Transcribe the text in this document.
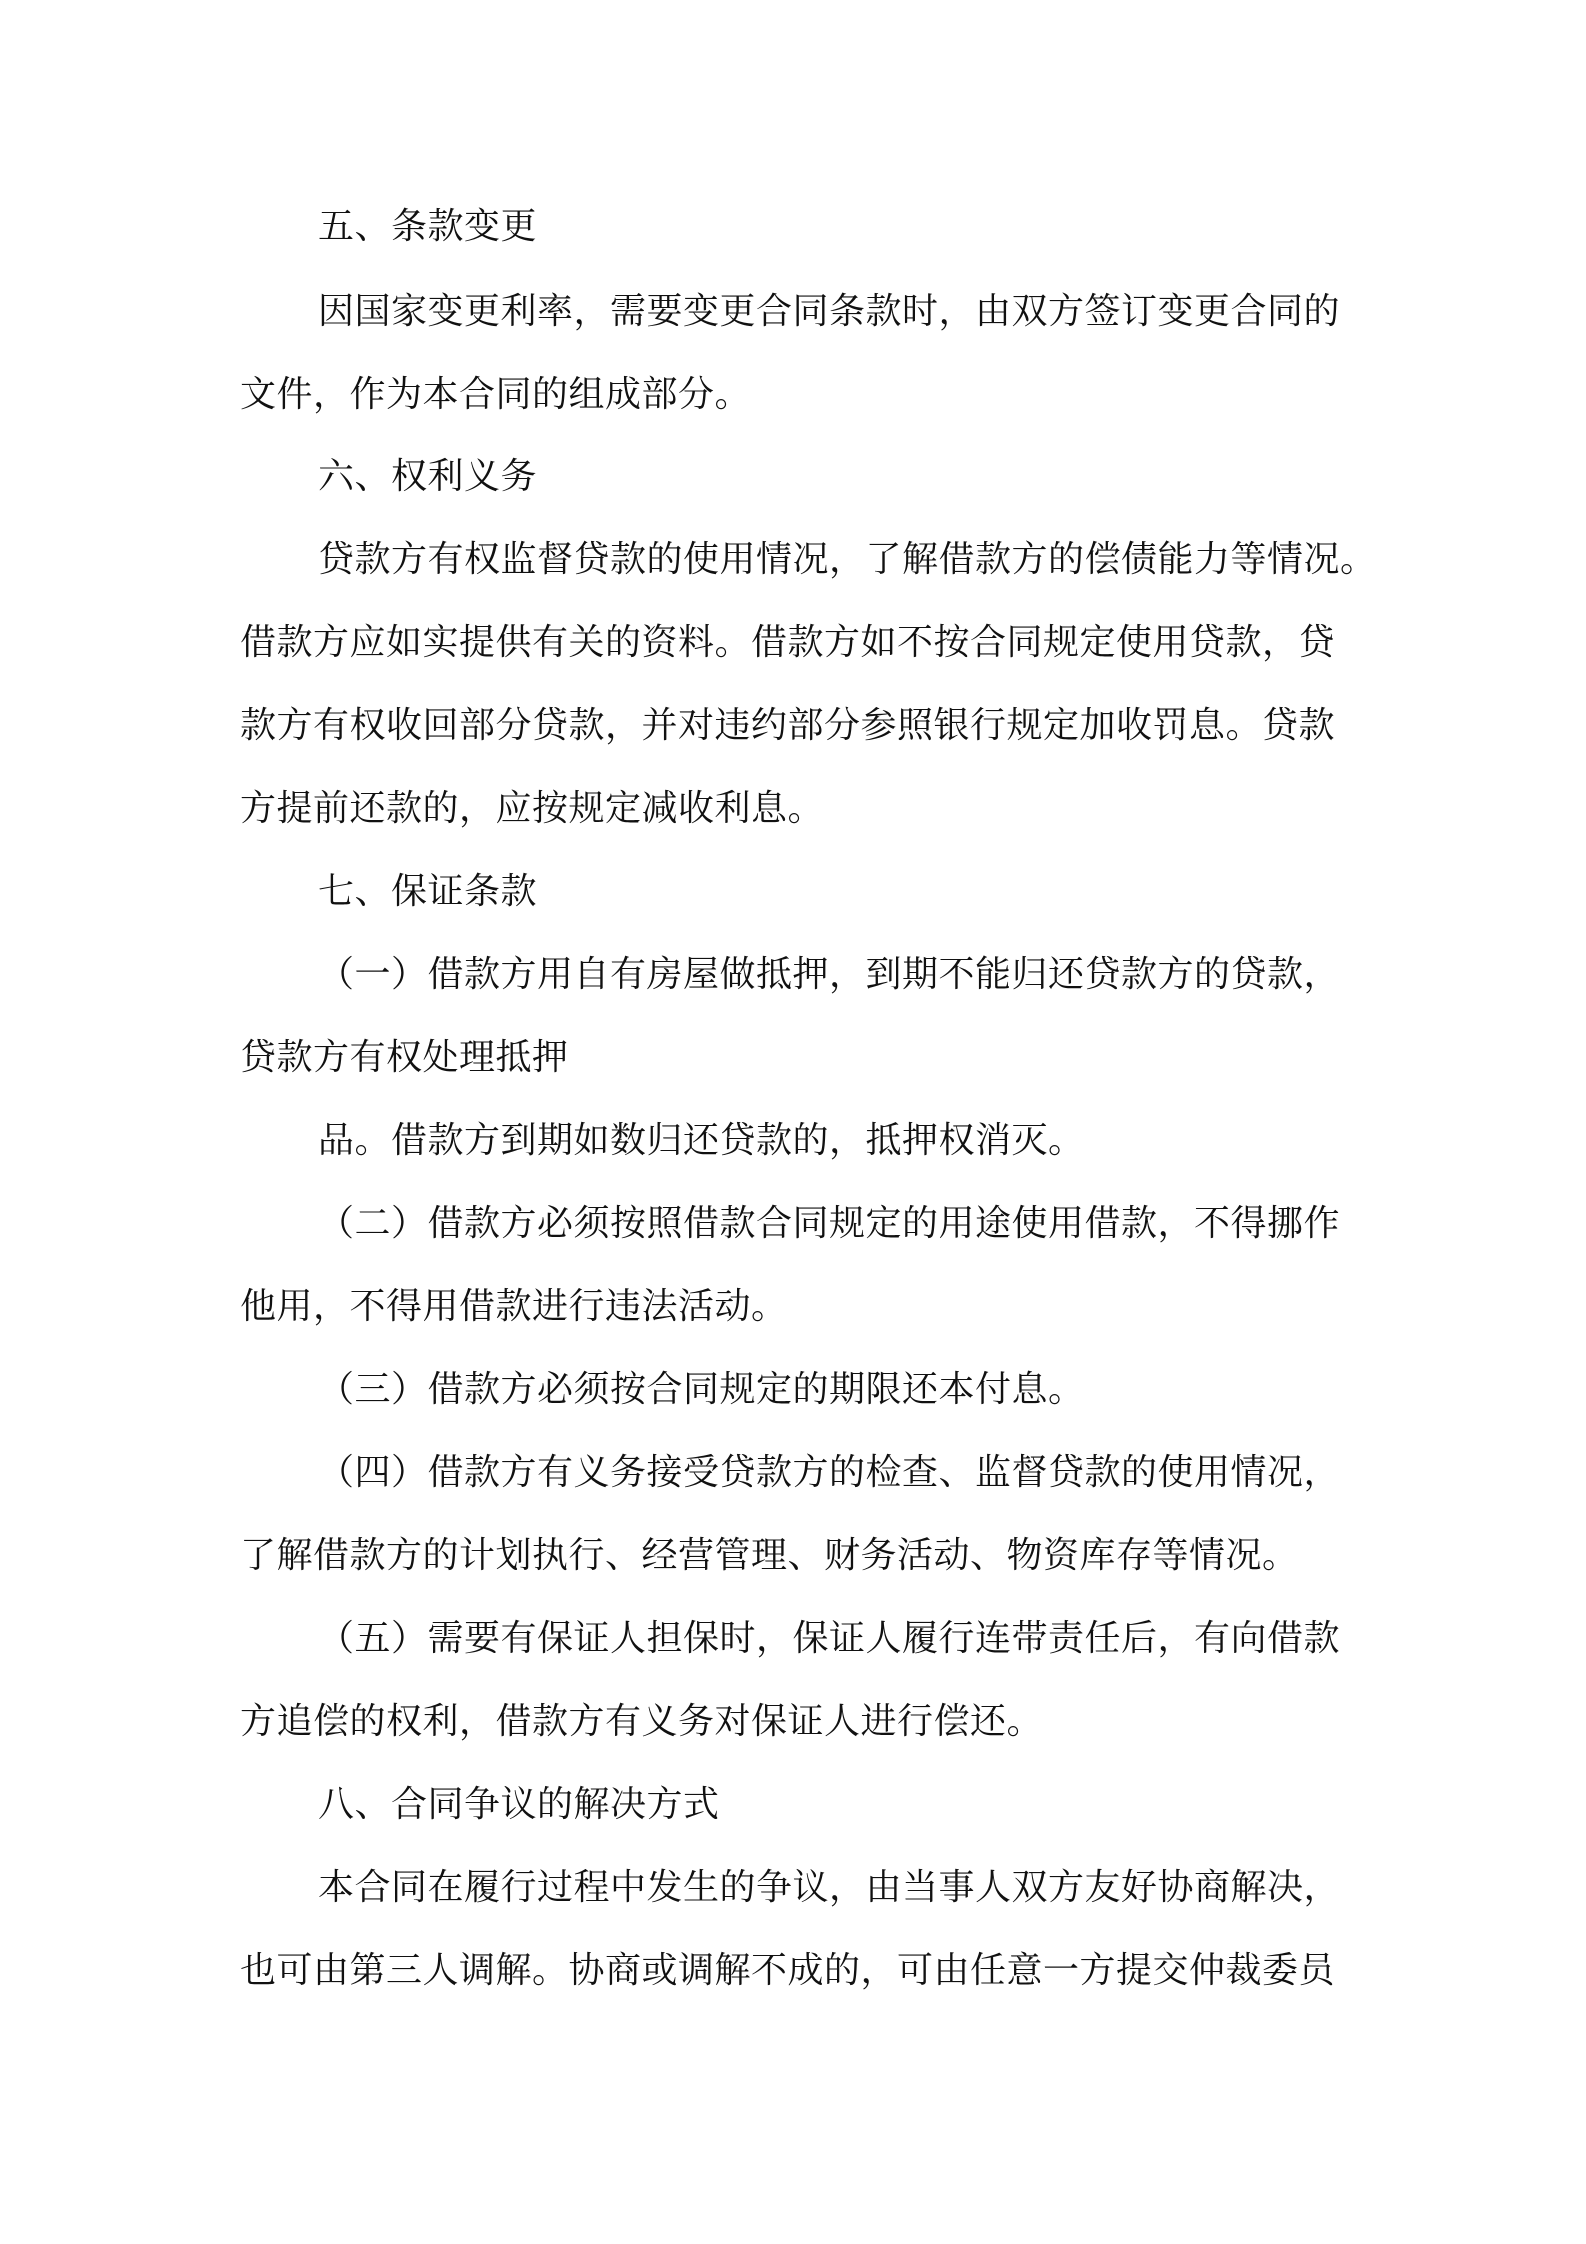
五、条款变更
因国家变更利率，需要变更合同条款时，由双方签订变更合同的
文件，作为本合同的组成部分。
六、权利义务
贷款方有权监督贷款的使用情况，了解借款方的偿债能力等情况。
借款方应如实提供有关的资料。借款方如不按合同规定使用贷款，贷
款方有权收回部分贷款，并对违约部分参照银行规定加收罚息。贷款
方提前还款的，应按规定减收利息。
七、保证条款
（一）借款方用自有房屋做抵押，到期不能归还贷款方的贷款，
贷款方有权处理抵押
品。借款方到期如数归还贷款的，抵押权消灭。
（二）借款方必须按照借款合同规定的用途使用借款，不得挪作
他用，不得用借款进行违法活动。
（三）借款方必须按合同规定的期限还本付息。
（四）借款方有义务接受贷款方的检查、监督贷款的使用情况，
了解借款方的计划执行、经营管理、财务活动、物资库存等情况。
（五）需要有保证人担保时，保证人履行连带责任后，有向借款
方追偿的权利，借款方有义务对保证人进行偿还。
八、合同争议的解决方式
本合同在履行过程中发生的争议，由当事人双方友好协商解决，
也可由第三人调解。协商或调解不成的，可由任意一方提交仲裁委员
